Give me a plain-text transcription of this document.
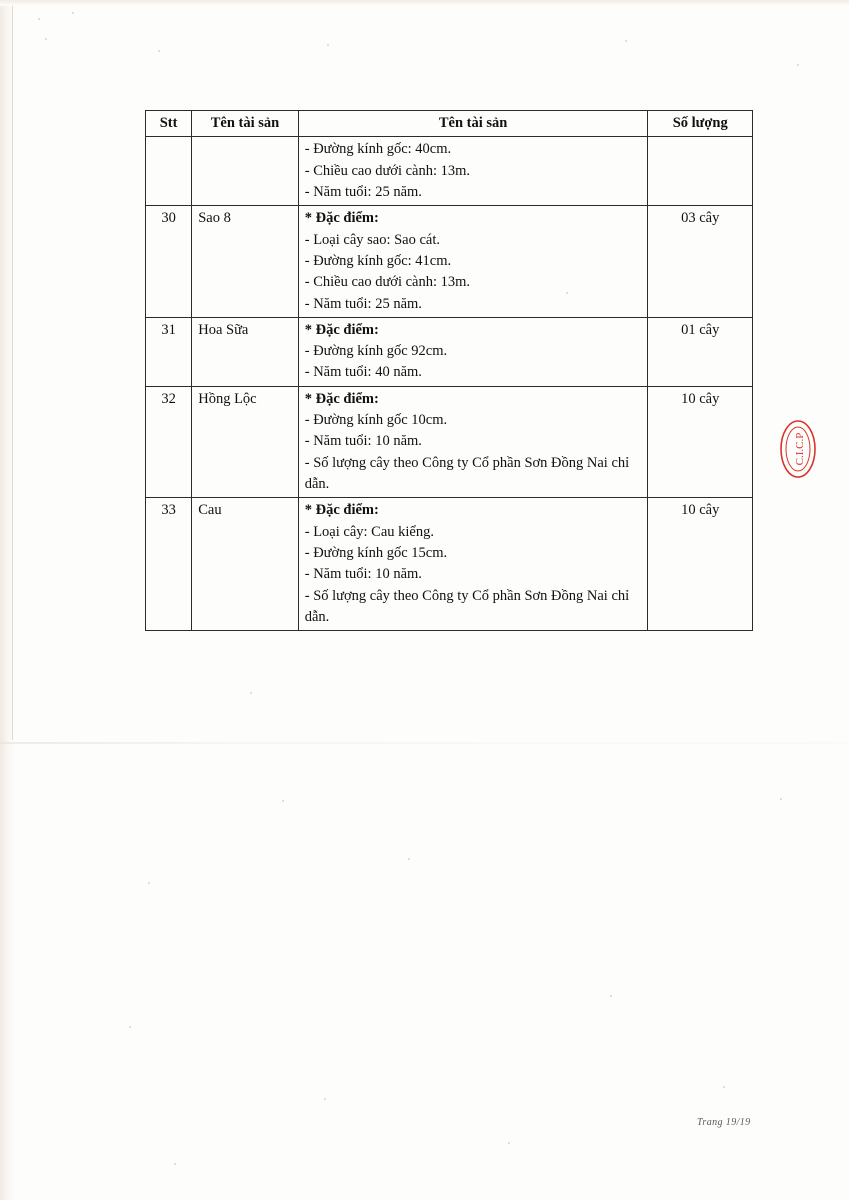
Stt	Tên tài sản	Tên tài sản	Số lượng

		- Đường kính gốc: 40cm.
- Chiều cao dưới cành: 13m.
- Năm tuổi: 25 năm.	

30	Sao 8	* Đặc điểm:
- Loại cây sao: Sao cát.
- Đường kính gốc: 41cm.
- Chiều cao dưới cành: 13m.
- Năm tuổi: 25 năm.	03 cây
31	Hoa Sữa	* Đặc điểm:
- Đường kính gốc 92cm.
- Năm tuổi: 40 năm.	01 cây
32	Hồng Lộc	* Đặc điểm:
- Đường kính gốc 10cm.
- Năm tuổi: 10 năm.
- Số lượng cây theo Công ty Cổ phần Sơn Đồng Nai chỉ dẫn.	10 cây
33	Cau	* Đặc điểm:
- Loại cây: Cau kiểng.
- Đường kính gốc 15cm.
- Năm tuổi: 10 năm.
- Số lượng cây theo Công ty Cổ phần Sơn Đồng Nai chỉ dẫn.	10 cây
C.I.C.P
Trang 19/19
